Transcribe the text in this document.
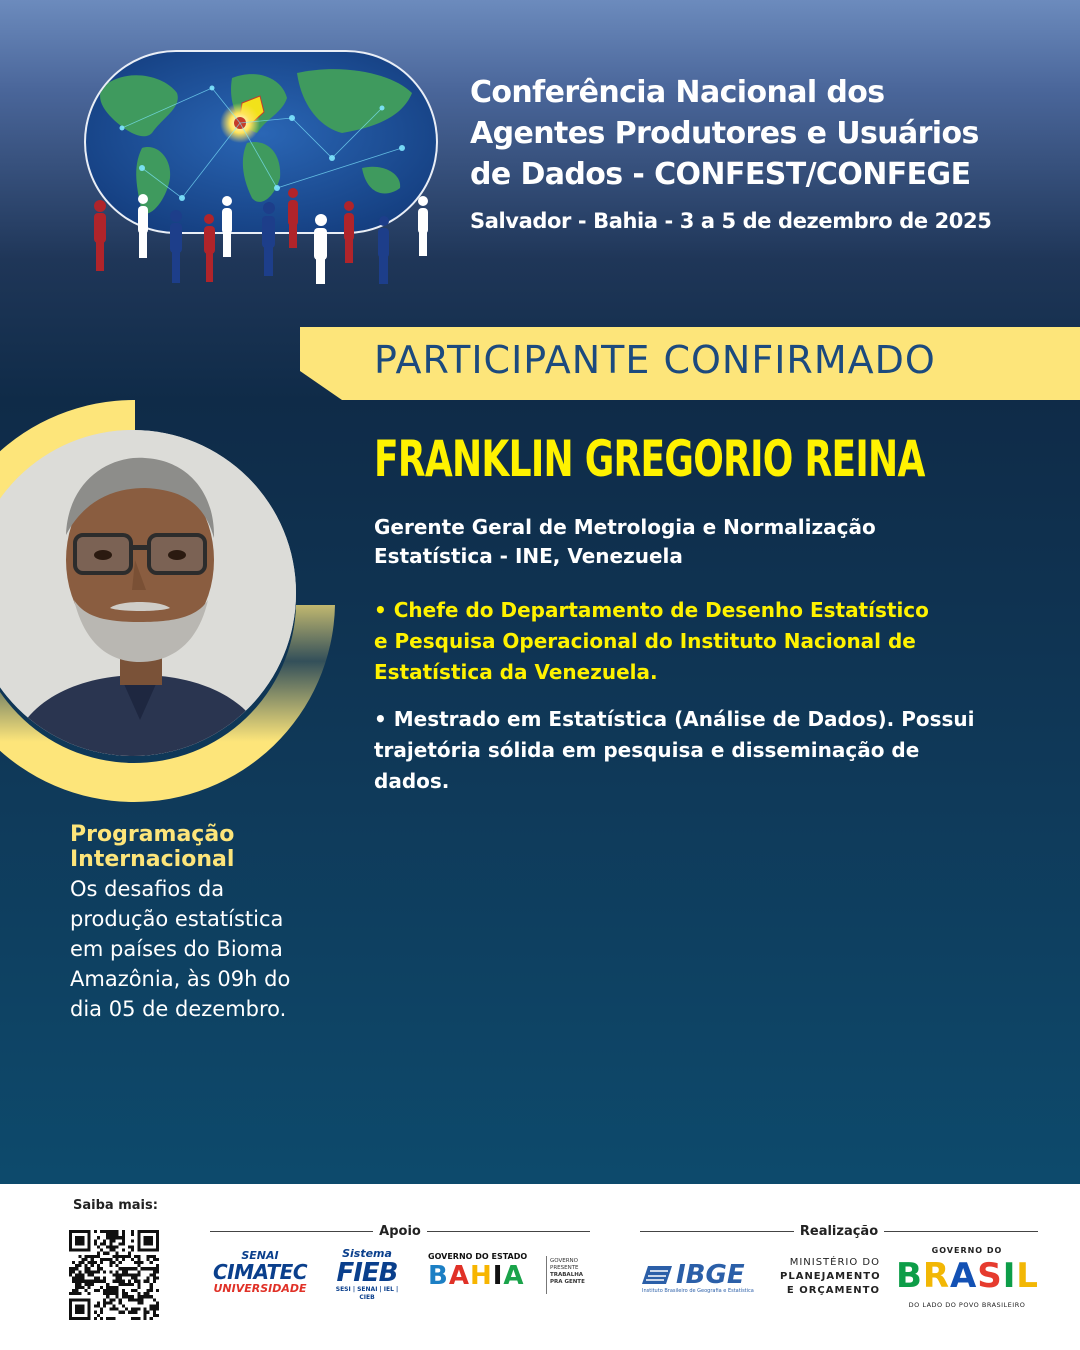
Conferência Nacional dos
Agentes Produtores e Usuários
de Dados - CONFEST/CONFEGE
Salvador - Bahia - 3 a 5 de dezembro de 2025
PARTICIPANTE CONFIRMADO
FRANKLIN GREGORIO REINA
Gerente Geral de Metrologia e Normalização
Estatística - INE, Venezuela
• Chefe do Departamento de Desenho Estatístico
e Pesquisa Operacional do Instituto Nacional de
Estatística da Venezuela.
• Mestrado em Estatística (Análise de Dados). Possui
trajetória sólida em pesquisa e disseminação de
dados.
Programação
Internacional
Os desafios da
produção estatística
em países do Bioma
Amazônia, às 09h do
dia 05 de dezembro.
Saiba mais:
Apoio	Realização
SENAI
CIMATEC
UNIVERSIDADE
Sistema
FIEB
SESI | SENAI | IEL | CIEB
GOVERNO DO ESTADO
BAHIA	GOVERNO
PRESENTE
TRABALHA
PRA GENTE	IBGE
Instituto Brasileiro de Geografia e Estatística
MINISTÉRIO DO
PLANEJAMENTO
E ORÇAMENTO
GOVERNO DO
B R A S I L
DO LADO DO POVO BRASILEIRO
